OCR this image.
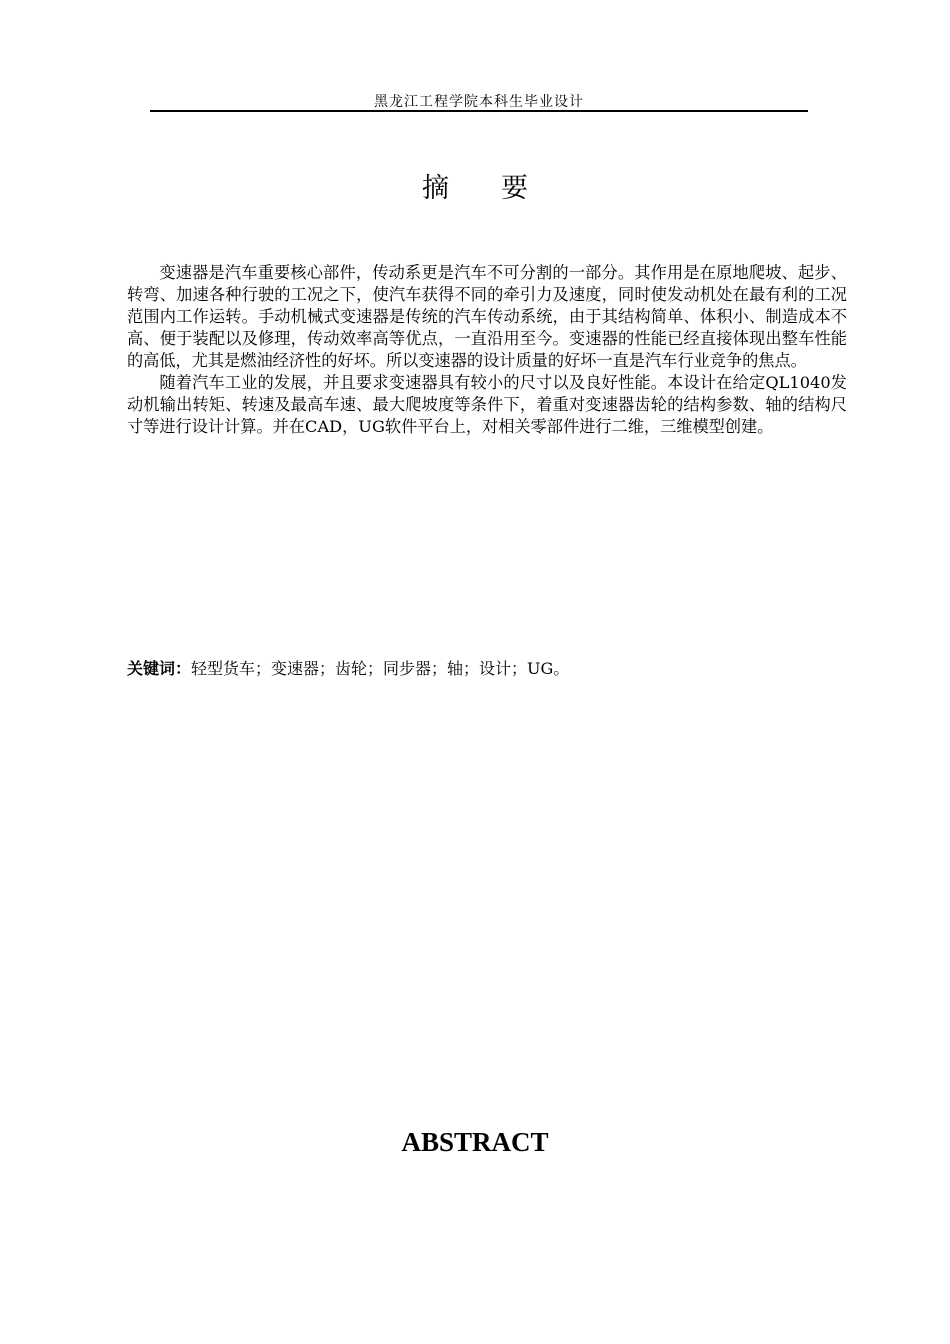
黑龙江工程学院本科生毕业设计
摘 要

变速器是汽车重要核心部件，传动系更是汽车不可分割的一部分。其作用是在原地爬坡、起步、转弯、加速各种行驶的工况之下，使汽车获得不同的牵引力及速度，同时使发动机处在最有利的工况范围内工作运转。手动机械式变速器是传统的汽车传动系统，由于其结构简单、体积小、制造成本不高、便于装配以及修理，传动效率高等优点，一直沿用至今。变速器的性能已经直接体现出整车性能的高低，尤其是燃油经济性的好坏。所以变速器的设计质量的好坏一直是汽车行业竞争的焦点。

随着汽车工业的发展，并且要求变速器具有较小的尺寸以及良好性能。本设计在给定QL1040发动机输出转矩、转速及最高车速、最大爬坡度等条件下，着重对变速器齿轮的结构参数、轴的结构尺寸等进行设计计算。并在CAD，UG软件平台上，对相关零部件进行二维，三维模型创建。

关键词：轻型货车；变速器；齿轮；同步器；轴；设计；UG。
ABSTRACT
